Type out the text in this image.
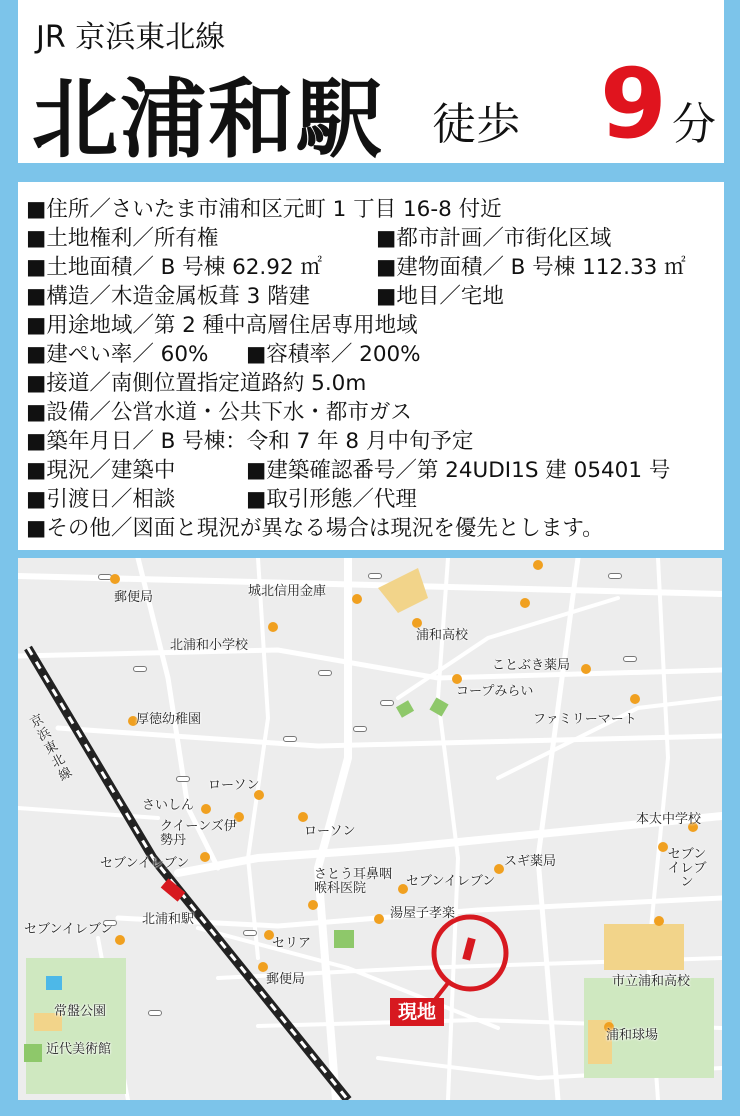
JR 京浜東北線
北浦和駅 徒歩 9 分
■住所／さいたま市浦和区元町 1 丁目 16-8 付近
■土地権利／所有権	■都市計画／市街化区域
■土地面積／ B 号棟 62.92 ㎡	■建物面積／ B 号棟 112.33 ㎡
■構造／木造金属板葺 3 階建	■地目／宅地
■用途地域／第 2 種中高層住居専用地域
■建ぺい率／ 60% ■容積率／ 200%
■接道／南側位置指定道路約 5.0m
■設備／公営水道・公共下水・都市ガス
■築年月日／ B 号棟：令和 7 年 8 月中旬予定
■現況／建築中	■建築確認番号／第 24UDI1S 建 05401 号
■引渡日／相談	■取引形態／代理
■その他／図面と現況が異なる場合は現況を優先とします。
郵便局	城北信用金庫
北浦和小学校
浦和高校
ことぶき薬局
コープみらい
ファミリーマート
厚徳幼稚園
京浜東北線
ローソン
さいしん
クイーンズ伊勢丹
ローソン
本太中学校
セブンイレブン
さとう耳鼻咽喉科医院	セブンイレブン
スギ薬局	セブンイレブン
北浦和駅	湯屋子孝楽
セブンイレブン
セリア
郵便局	市立浦和高校
常盤公園
浦和球場
近代美術館
現地
